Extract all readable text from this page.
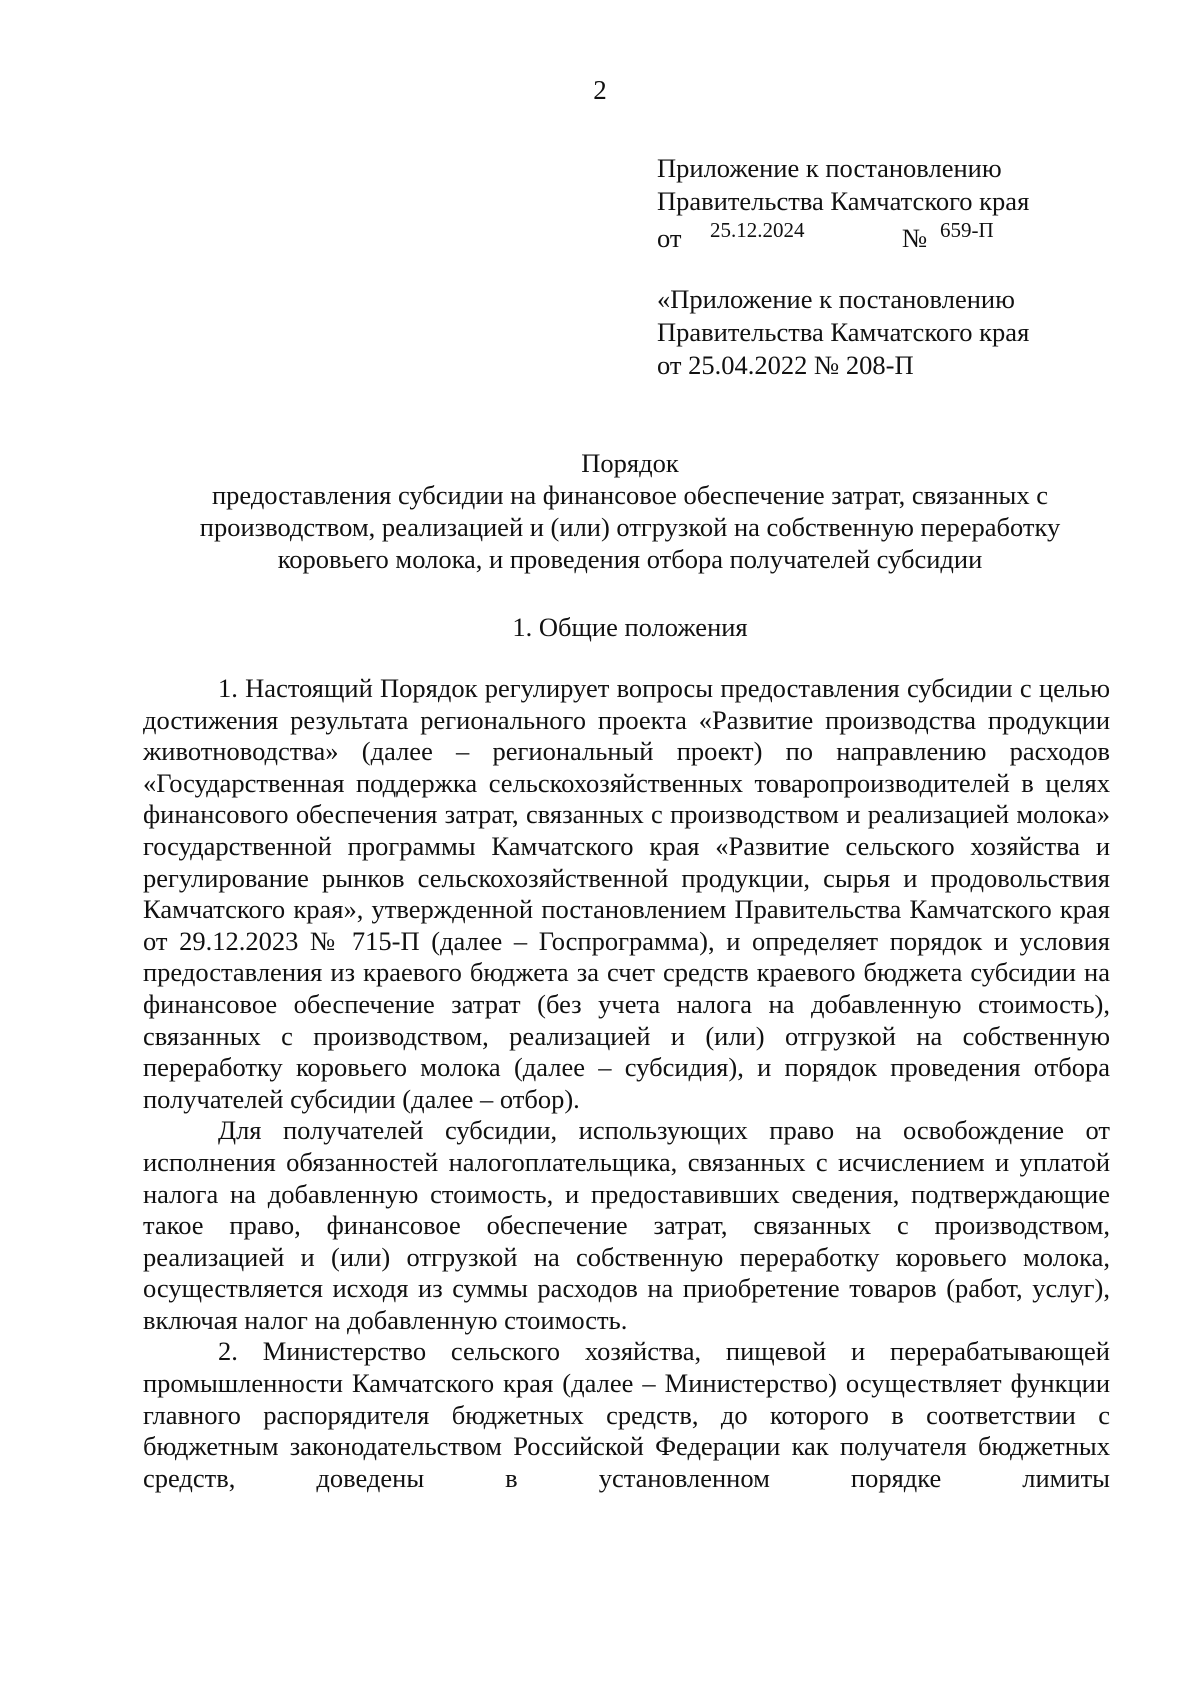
2
Приложение к постановлению
Правительства Камчатского края
от 25.12.2024	№ 659-П
«Приложение к постановлению
Правительства Камчатского края
от 25.04.2022 № 208-П
Порядок
предоставления субсидии на финансовое обеспечение затрат, связанных с производством, реализацией и (или) отгрузкой на собственную переработку коровьего молока, и проведения отбора получателей субсидии
1. Общие положения

1. Настоящий Порядок регулирует вопросы предоставления субсидии с целью достижения результата регионального проекта «Развитие производства продукции животноводства» (далее – региональный проект) по направлению расходов «Государственная поддержка сельскохозяйственных товаропроизводителей в целях финансового обеспечения затрат, связанных с производством и реализацией молока» государственной программы Камчатского края «Развитие сельского хозяйства и регулирование рынков сельскохозяйственной продукции, сырья и продовольствия Камчатского края», утвержденной постановлением Правительства Камчатского края от 29.12.2023 № 715-П (далее – Госпрограмма), и определяет порядок и условия предоставления из краевого бюджета за счет средств краевого бюджета субсидии на финансовое обеспечение затрат (без учета налога на добавленную стоимость), связанных с производством, реализацией и (или) отгрузкой на собственную переработку коровьего молока (далее – субсидия), и порядок проведения отбора получателей субсидии (далее – отбор).

Для получателей субсидии, использующих право на освобождение от исполнения обязанностей налогоплательщика, связанных с исчислением и уплатой налога на добавленную стоимость, и предоставивших сведения, подтверждающие такое право, финансовое обеспечение затрат, связанных с производством, реализацией и (или) отгрузкой на собственную переработку коровьего молока, осуществляется исходя из суммы расходов на приобретение товаров (работ, услуг), включая налог на добавленную стоимость.

2. Министерство сельского хозяйства, пищевой и перерабатывающей промышленности Камчатского края (далее – Министерство) осуществляет функции главного распорядителя бюджетных средств, до которого в соответствии с бюджетным законодательством Российской Федерации как получателя бюджетных средств, доведены в установленном порядке лимиты
